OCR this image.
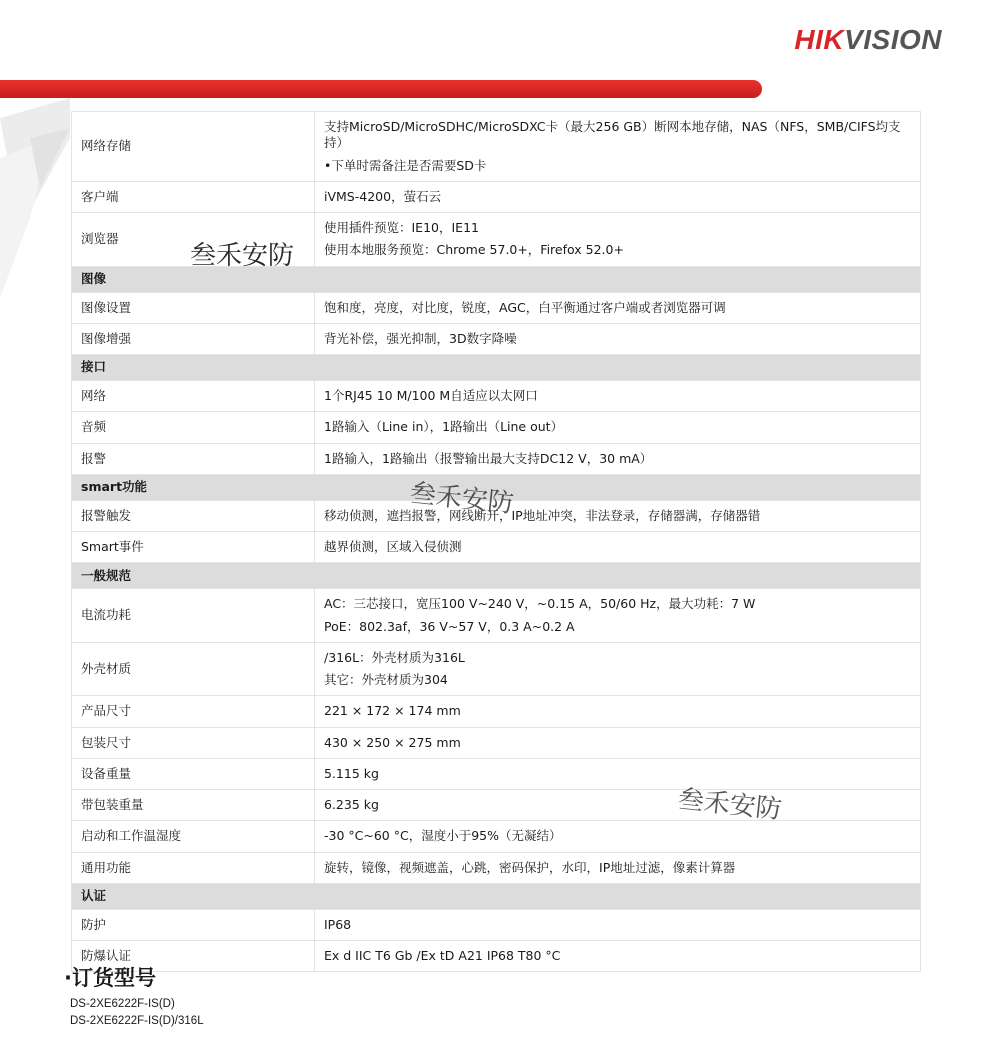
HIKVISION
网络存储	支持MicroSD/MicroSDHC/MicroSDXC卡（最大256 GB）断网本地存储，NAS（NFS，SMB/CIFS均支持）
•下单时需备注是否需要SD卡

客户端	iVMS-4200，萤石云

浏览器	使用插件预览：IE10，IE11
使用本地服务预览：Chrome 57.0+，Firefox 52.0+

图像	
图像设置	饱和度，亮度，对比度，锐度，AGC，白平衡通过客户端或者浏览器可调

图像增强	背光补偿，强光抑制，3D数字降噪

接口	
网络	1个RJ45 10 M/100 M自适应以太网口

音频	1路输入（Line in），1路输出（Line out）

报警	1路输入，1路输出（报警输出最大支持DC12 V，30 mA）

smart功能	
报警触发	移动侦测，遮挡报警，网线断开，IP地址冲突，非法登录，存储器满，存储器错

Smart事件	越界侦测，区域入侵侦测

一般规范	
电流功耗	AC：三芯接口，宽压100 V~240 V，~0.15 A，50/60 Hz，最大功耗：7 W
PoE：802.3af，36 V~57 V，0.3 A~0.2 A

外壳材质	/316L：外壳材质为316L
其它：外壳材质为304

产品尺寸	221 × 172 × 174 mm

包装尺寸	430 × 250 × 275 mm

设备重量	5.115 kg

带包装重量	6.235 kg

启动和工作温湿度	-30 °C~60 °C，湿度小于95%（无凝结）

通用功能	旋转，镜像，视频遮盖，心跳，密码保护，水印，IP地址过滤，像素计算器

认证	
防护	IP68

防爆认证	Ex d IIC T6 Gb /Ex tD A21 IP68 T80 °C
叁禾安防
叁禾安防
叁禾安防
·订货型号
DS-2XE6222F-IS(D)
DS-2XE6222F-IS(D)/316L
